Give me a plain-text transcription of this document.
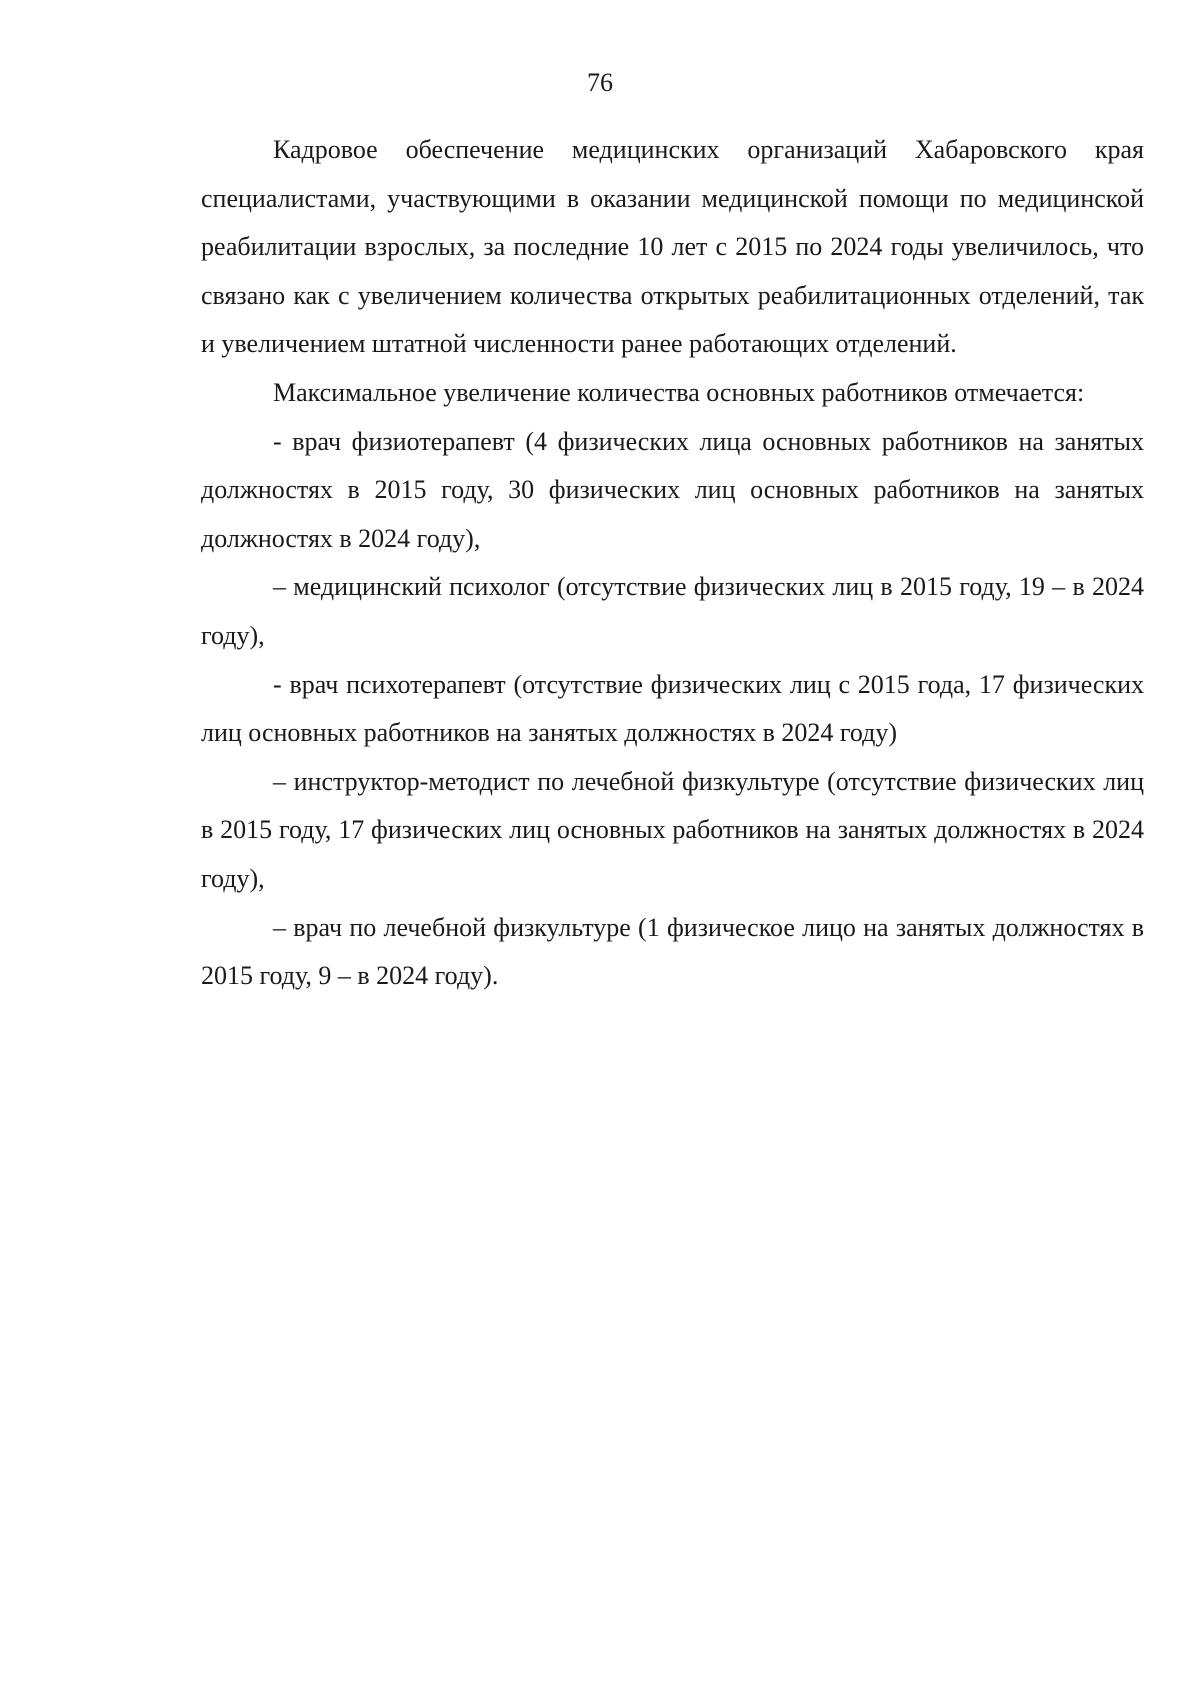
76

Кадровое обеспечение медицинских организаций Хабаровского края специалистами, участвующими в оказании медицинской помощи по медицинской реабилитации взрослых, за последние 10 лет с 2015 по 2024 годы увеличилось, что связано как с увеличением количества открытых реабилитационных отделений, так и увеличением штатной численности ранее работающих отделений.

Максимальное увеличение количества основных работников отмечается:

- врач физиотерапевт (4 физических лица основных работников на занятых должностях в 2015 году, 30 физических лиц основных работников на занятых должностях в 2024 году),

– медицинский психолог (отсутствие физических лиц в 2015 году, 19 – в 2024 году),

- врач психотерапевт (отсутствие физических лиц с 2015 года, 17 физических лиц основных работников на занятых должностях в 2024 году)

– инструктор-методист по лечебной физкультуре (отсутствие физических лиц в 2015 году, 17 физических лиц основных работников на занятых должностях в 2024 году),

– врач по лечебной физкультуре (1 физическое лицо на занятых должностях в 2015 году, 9 – в 2024 году).
